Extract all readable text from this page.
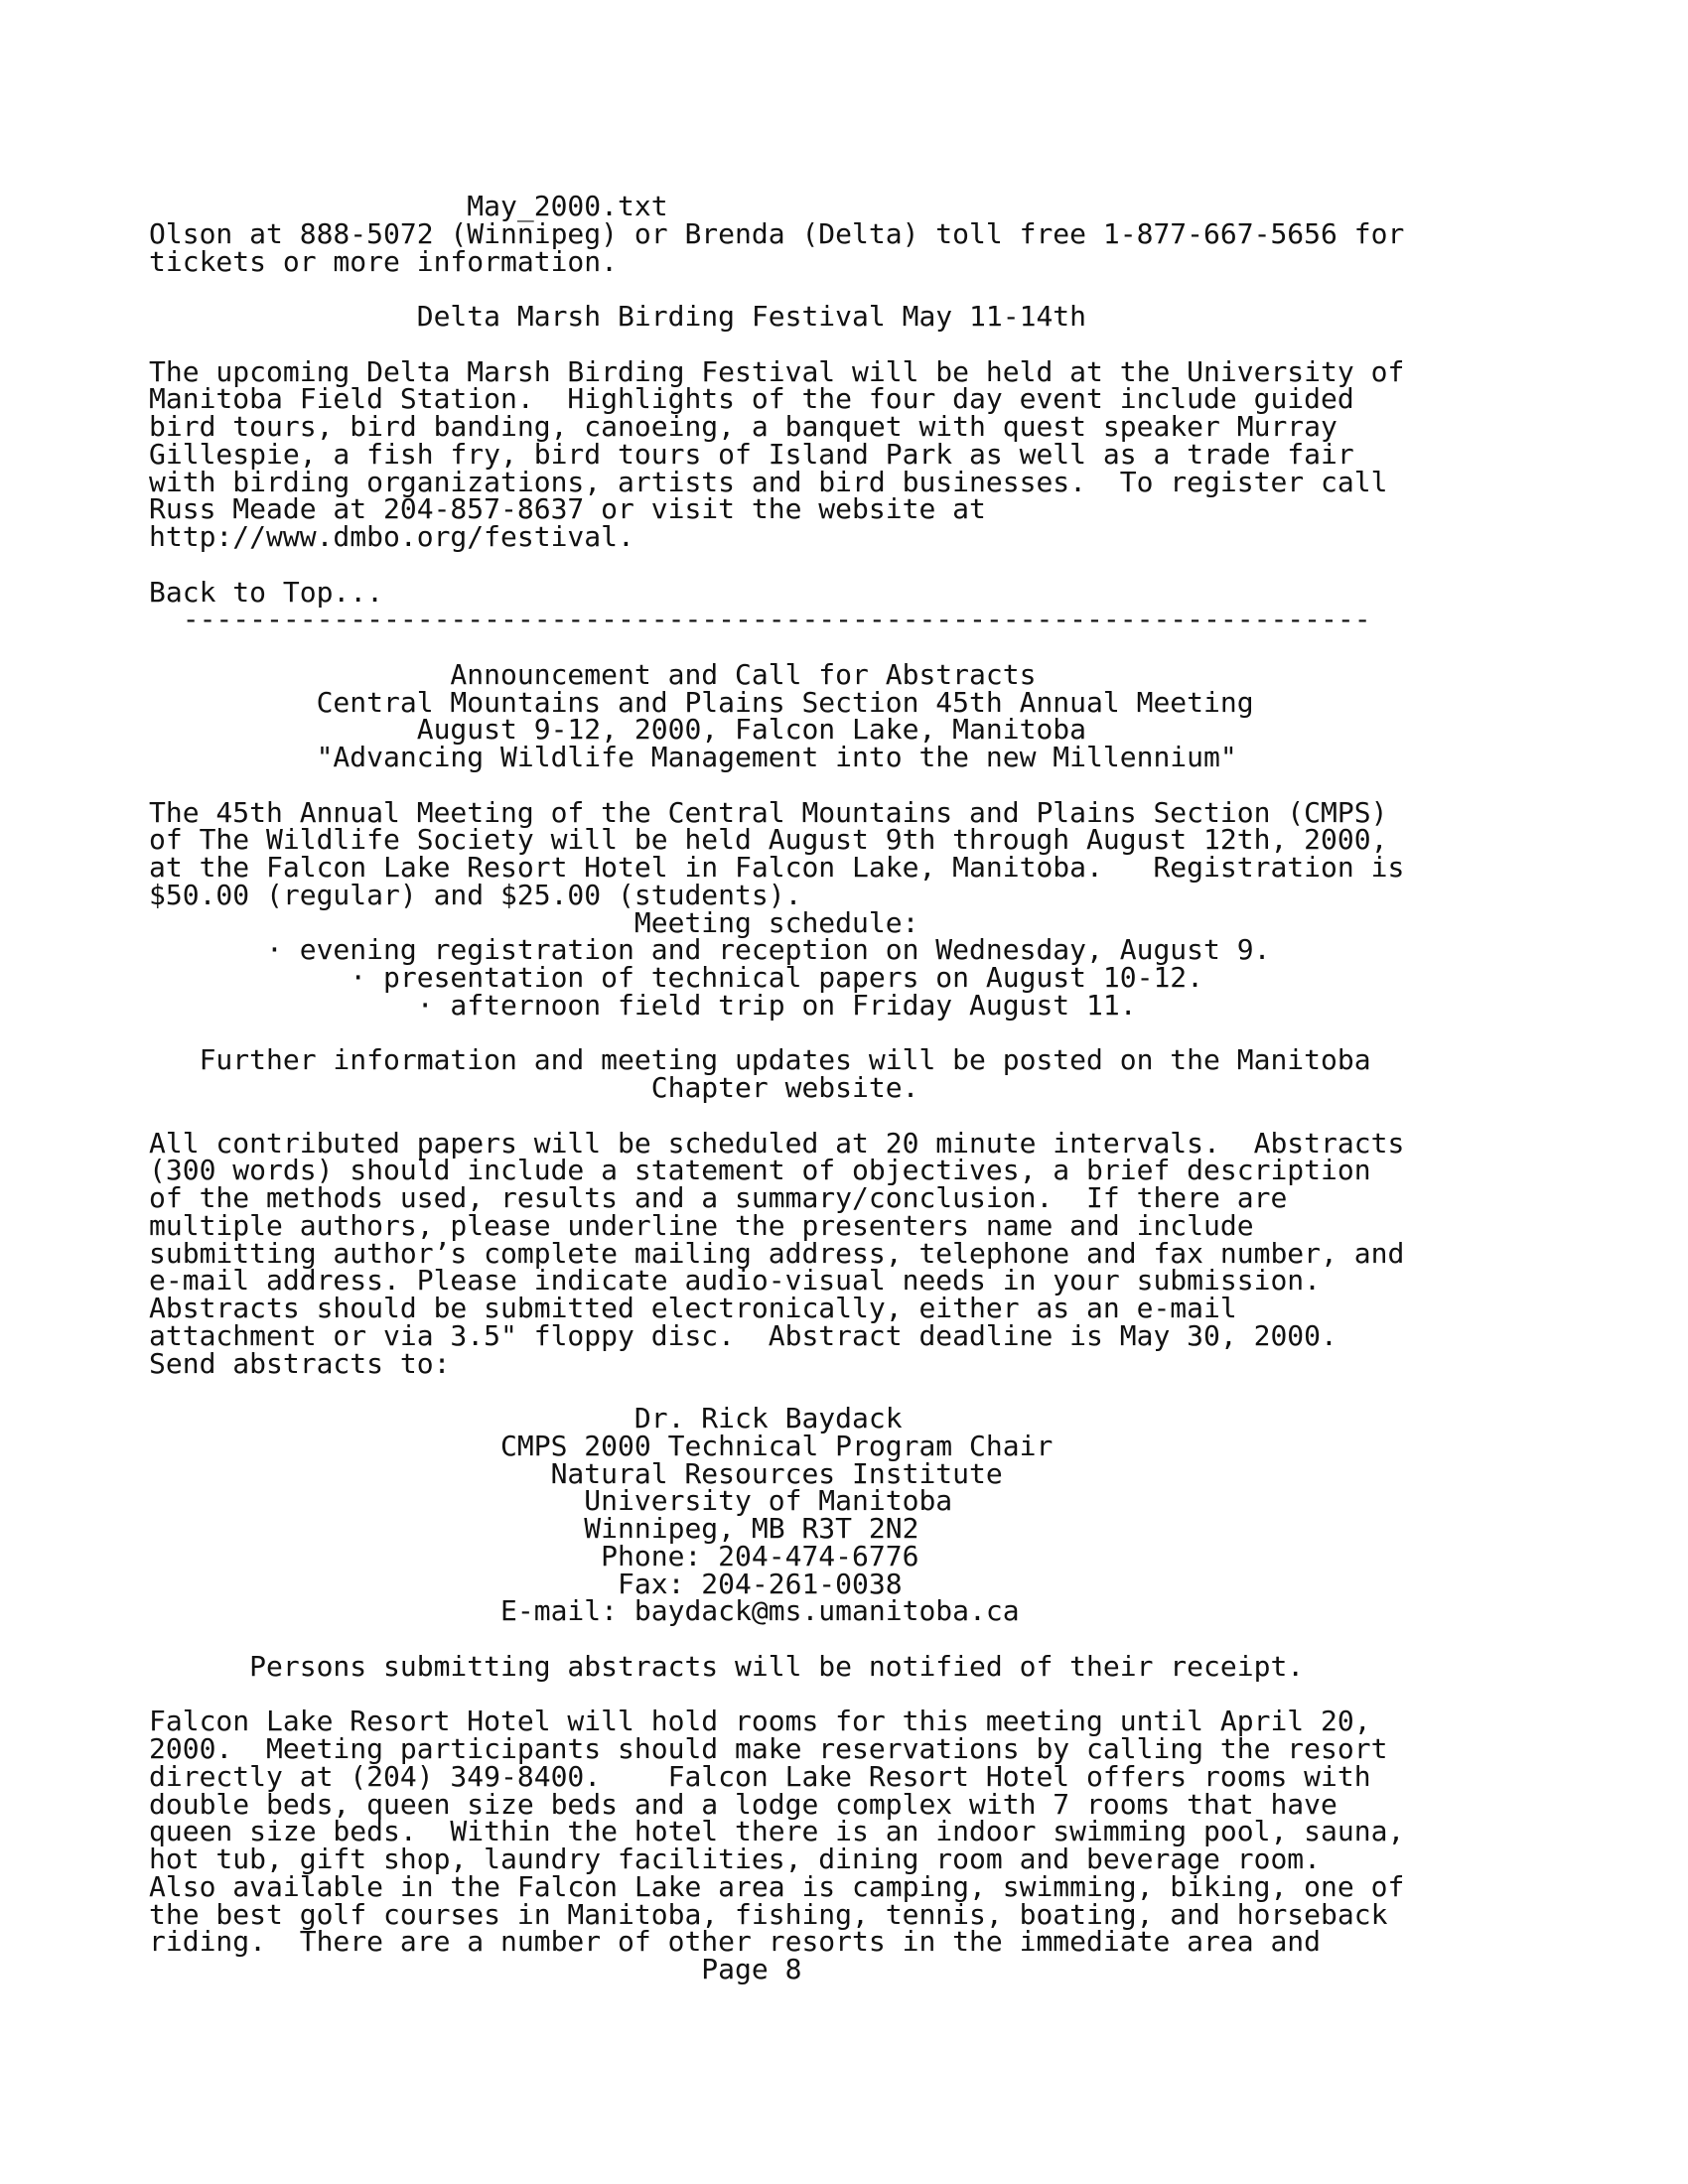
May_2000.txt
Olson at 888-5072 (Winnipeg) or Brenda (Delta) toll free 1-877-667-5656 for
tickets or more information.
Delta Marsh Birding Festival May 11-14th
The upcoming Delta Marsh Birding Festival will be held at the University of
Manitoba Field Station.  Highlights of the four day event include guided
bird tours, bird banding, canoeing, a banquet with quest speaker Murray
Gillespie, a fish fry, bird tours of Island Park as well as a trade fair
with birding organizations, artists and bird businesses.  To register call
Russ Meade at 204-857-8637 or visit the website at
http://www.dmbo.org/festival.
Back to Top...
-----------------------------------------------------------------------
Announcement and Call for Abstracts
Central Mountains and Plains Section 45th Annual Meeting
August 9-12, 2000, Falcon Lake, Manitoba
"Advancing Wildlife Management into the new Millennium"
The 45th Annual Meeting of the Central Mountains and Plains Section (CMPS)
of The Wildlife Society will be held August 9th through August 12th, 2000,
at the Falcon Lake Resort Hotel in Falcon Lake, Manitoba.   Registration is
$50.00 (regular) and $25.00 (students).
Meeting schedule:
· evening registration and reception on Wednesday, August 9.
· presentation of technical papers on August 10-12.
· afternoon field trip on Friday August 11.
Further information and meeting updates will be posted on the Manitoba
Chapter website.
All contributed papers will be scheduled at 20 minute intervals.  Abstracts
(300 words) should include a statement of objectives, a brief description
of the methods used, results and a summary/conclusion.  If there are
multiple authors, please underline the presenters name and include
submitting author’s complete mailing address, telephone and fax number, and
e-mail address. Please indicate audio-visual needs in your submission.
Abstracts should be submitted electronically, either as an e-mail
attachment or via 3.5" floppy disc.  Abstract deadline is May 30, 2000.
Send abstracts to:
Dr. Rick Baydack
CMPS 2000 Technical Program Chair
Natural Resources Institute
University of Manitoba
Winnipeg, MB R3T 2N2
Phone: 204-474-6776
Fax: 204-261-0038
E-mail: baydack@ms.umanitoba.ca
Persons submitting abstracts will be notified of their receipt.
Falcon Lake Resort Hotel will hold rooms for this meeting until April 20,
2000.  Meeting participants should make reservations by calling the resort
directly at (204) 349-8400.    Falcon Lake Resort Hotel offers rooms with
double beds, queen size beds and a lodge complex with 7 rooms that have
queen size beds.  Within the hotel there is an indoor swimming pool, sauna,
hot tub, gift shop, laundry facilities, dining room and beverage room.
Also available in the Falcon Lake area is camping, swimming, biking, one of
the best golf courses in Manitoba, fishing, tennis, boating, and horseback
riding.  There are a number of other resorts in the immediate area and
Page 8
